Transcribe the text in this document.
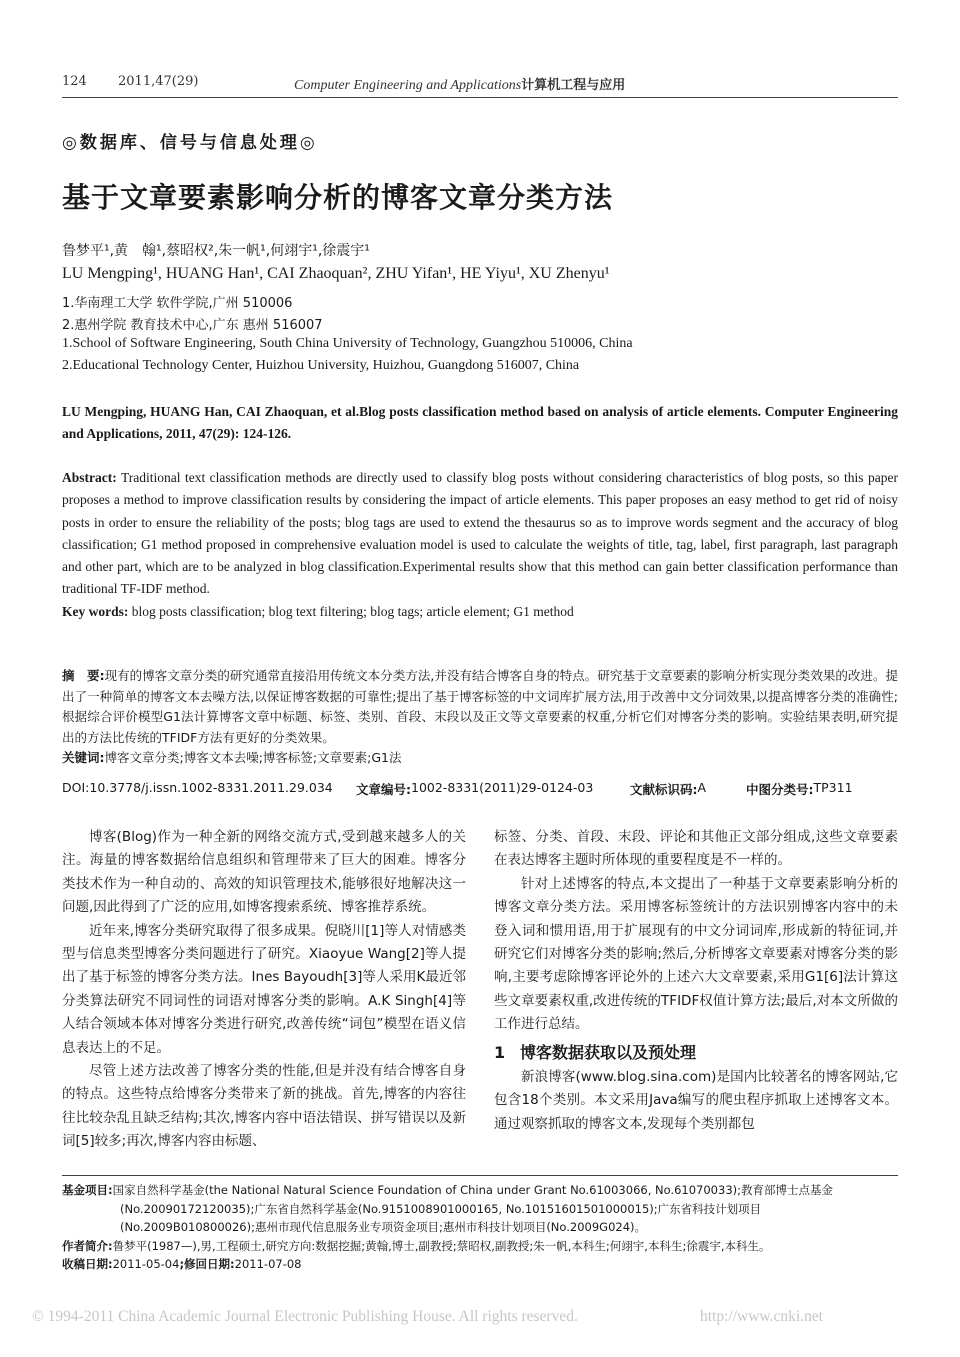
124 2011,47(29)	Computer Engineering and Applications计算机工程与应用
◎数据库、信号与信息处理◎
基于文章要素影响分析的博客文章分类方法
鲁梦平¹,黄　翰¹,蔡昭权²,朱一帆¹,何翊宇¹,徐震宇¹
LU Mengping¹, HUANG Han¹, CAI Zhaoquan², ZHU Yifan¹, HE Yiyu¹, XU Zhenyu¹
1.华南理工大学 软件学院,广州 510006
2.惠州学院 教育技术中心,广东 惠州 516007
1.School of Software Engineering, South China University of Technology, Guangzhou 510006, China
2.Educational Technology Center, Huizhou University, Huizhou, Guangdong 516007, China
LU Mengping, HUANG Han, CAI Zhaoquan, et al.Blog posts classification method based on analysis of article elements. Computer Engineering and Applications, 2011, 47(29): 124-126.
Abstract: Traditional text classification methods are directly used to classify blog posts without considering characteristics of blog posts, so this paper proposes a method to improve classification results by considering the impact of article elements. This paper proposes an easy method to get rid of noisy posts in order to ensure the reliability of the posts; blog tags are used to extend the thesaurus so as to improve words segment and the accuracy of blog classification; G1 method proposed in comprehensive evaluation model is used to calculate the weights of title, tag, label, first paragraph, last paragraph and other part, which are to be analyzed in blog classification.Experimental results show that this method can gain better classification performance than traditional TF-IDF method.
Key words: blog posts classification; blog text filtering; blog tags; article element; G1 method
摘　要:现有的博客文章分类的研究通常直接沿用传统文本分类方法,并没有结合博客自身的特点。研究基于文章要素的影响分析实现分类效果的改进。提出了一种简单的博客文本去噪方法,以保证博客数据的可靠性;提出了基于博客标签的中文词库扩展方法,用于改善中文分词效果,以提高博客分类的准确性;根据综合评价模型G1法计算博客文章中标题、标签、类别、首段、末段以及正文等文章要素的权重,分析它们对博客分类的影响。实验结果表明,研究提出的方法比传统的TFIDF方法有更好的分类效果。
关键词:博客文章分类;博客文本去噪;博客标签;文章要素;G1法
DOI:10.3778/j.issn.1002-8331.2011.29.034 文章编号: 1002-8331(2011)29-0124-03	文献标识码: A	中图分类号: TP311

博客(Blog)作为一种全新的网络交流方式,受到越来越多人的关注。海量的博客数据给信息组织和管理带来了巨大的困难。博客分类技术作为一种自动的、高效的知识管理技术,能够很好地解决这一问题,因此得到了广泛的应用,如博客搜索系统、博客推荐系统。

近年来,博客分类研究取得了很多成果。倪晓川[1]等人对情感类型与信息类型博客分类问题进行了研究。Xiaoyue Wang[2]等人提出了基于标签的博客分类方法。Ines Bayoudh[3]等人采用K最近邻分类算法研究不同词性的词语对博客分类的影响。A.K Singh[4]等人结合领域本体对博客分类进行研究,改善传统“词包”模型在语义信息表达上的不足。

尽管上述方法改善了博客分类的性能,但是并没有结合博客自身的特点。这些特点给博客分类带来了新的挑战。首先,博客的内容往往比较杂乱且缺乏结构;其次,博客内容中语法错误、拼写错误以及新词[5]较多;再次,博客内容由标题、

标签、分类、首段、末段、评论和其他正文部分组成,这些文章要素在表达博客主题时所体现的重要程度是不一样的。

针对上述博客的特点,本文提出了一种基于文章要素影响分析的博客文章分类方法。采用博客标签统计的方法识别博客内容中的未登入词和惯用语,用于扩展现有的中文分词词库,形成新的特征词,并研究它们对博客分类的影响;然后,分析博客文章要素对博客分类的影响,主要考虑除博客评论外的上述六大文章要素,采用G1[6]法计算这些文章要素权重,改进传统的TFIDF权值计算方法;最后,对本文所做的工作进行总结。

1 博客数据获取以及预处理

新浪博客(www.blog.sina.com)是国内比较著名的博客网站,它包含18个类别。本文采用Java编写的爬虫程序抓取上述博客文本。通过观察抓取的博客文本,发现每个类别都包

基金项目:国家自然科学基金(the National Natural Science Foundation of China under Grant No.61003066, No.61070033);教育部博士点基金
(No.20090172120035);广东省自然科学基金(No.9151008901000165, No.10151601501000015);广东省科技计划项目
(No.2009B010800026);惠州市现代信息服务业专项资金项目;惠州市科技计划项目(No.2009G024)。
作者简介:鲁梦平(1987—),男,工程硕士,研究方向:数据挖掘;黄翰,博士,副教授;蔡昭权,副教授;朱一帆,本科生;何翊宇,本科生;徐震宇,本科生。
收稿日期:2011-05-04;修回日期:2011-07-08
© 1994-2011 China Academic Journal Electronic Publishing House. All rights reserved.	http://www.cnki.net
